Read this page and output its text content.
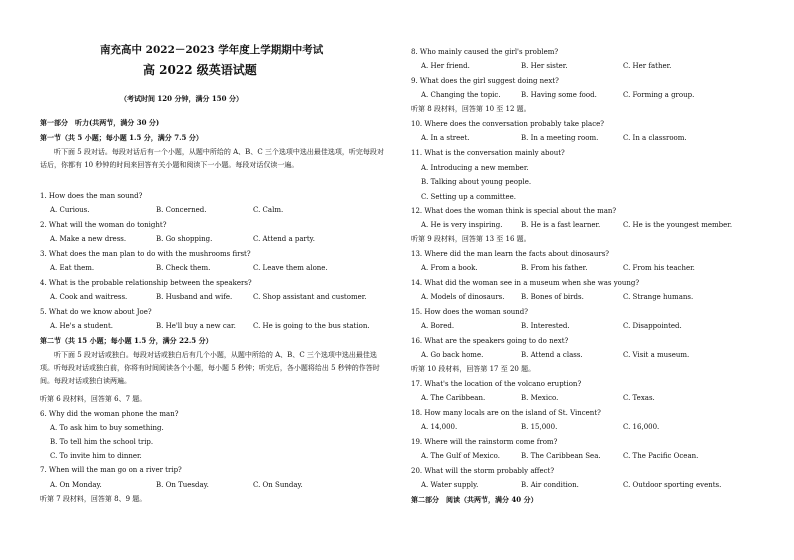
南充高中 2022－2023 学年度上学期期中考试
高 2022 级英语试题
（考试时间 120 分钟，满分 150 分）
第一部分　听力(共两节，满分 30 分)
第一节（共 5 小题；每小题 1.5 分，满分 7.5 分）
听下面 5 段对话。每段对话后有一个小题，从题中所给的 A、B、C 三个选项中选出最佳选项，听完每段对话后，你都有 10 秒钟的时间来回答有关小题和阅读下一小题。每段对话仅读一遍。
1. How does the man sound?
A. Curious.	B. Concerned.	C. Calm.
2. What will the woman do tonight?
A. Make a new dress.	B. Go shopping.	C. Attend a party.
3. What does the man plan to do with the mushrooms first?
A. Eat them.	B. Check them.	C. Leave them alone.
4. What is the probable relationship between the speakers?
A. Cook and waitress.	B. Husband and wife.	C. Shop assistant and customer.
5. What do we know about Joe?
A. He's a student.	B. He'll buy a new car. C. He is going to the bus station.
第二节（共 15 小题；每小题 1.5 分，满分 22.5 分）
听下面 5 段对话或独白。每段对话或独白后有几个小题，从题中所给的 A、B、C 三个选项中选出最佳选项。听每段对话或独白前，你将有时间阅读各个小题，每小题 5 秒钟；听完后，各小题将给出 5 秒钟的作答时间。每段对话或独白读两遍。
听第 6 段材料，回答第 6、7 题。
6. Why did the woman phone the man?
A. To ask him to buy something.
B. To tell him the school trip.
C. To invite him to dinner.
7. When will the man go on a river trip?
A. On Monday.	B. On Tuesday.	C. On Sunday.
听第 7 段材料，回答第 8、9 题。
8. Who mainly caused the girl's problem?
A. Her friend.	B. Her sister.	C. Her father.
9. What does the girl suggest doing next?
A. Changing the topic.	B. Having some food.	C. Forming a group.
听第 8 段材料，回答第 10 至 12 题。
10. Where does the conversation probably take place?
A. In a street.	B. In a meeting room.	C. In a classroom.
11. What is the conversation mainly about?
A. Introducing a new member.
B. Talking about young people.
C. Setting up a committee.
12. What does the woman think is special about the man?
A. He is very inspiring.	B. He is a fast learner.	C. He is the youngest member.
听第 9 段材料，回答第 13 至 16 题。
13. Where did the man learn the facts about dinosaurs?
A. From a book.	B. From his father.	C. From his teacher.
14. What did the woman see in a museum when she was young?
A. Models of dinosaurs. B. Bones of birds.	C. Strange humans.
15. How does the woman sound?
A. Bored.	B. Interested.	C. Disappointed.
16. What are the speakers going to do next?
A. Go back home.	B. Attend a class.	C. Visit a museum.
听第 10 段材料，回答第 17 至 20 题。
17. What's the location of the volcano eruption?
A. The Caribbean.	B. Mexico.	C. Texas.
18. How many locals are on the island of St. Vincent?
A. 14,000.	B. 15,000.	C. 16,000.
19. Where will the rainstorm come from?
A. The Gulf of Mexico.	B. The Caribbean Sea.	C. The Pacific Ocean.
20. What will the storm probably affect?
A. Water supply.	B. Air condition.	C. Outdoor sporting events.
第二部分　阅读（共两节，满分 40 分）
